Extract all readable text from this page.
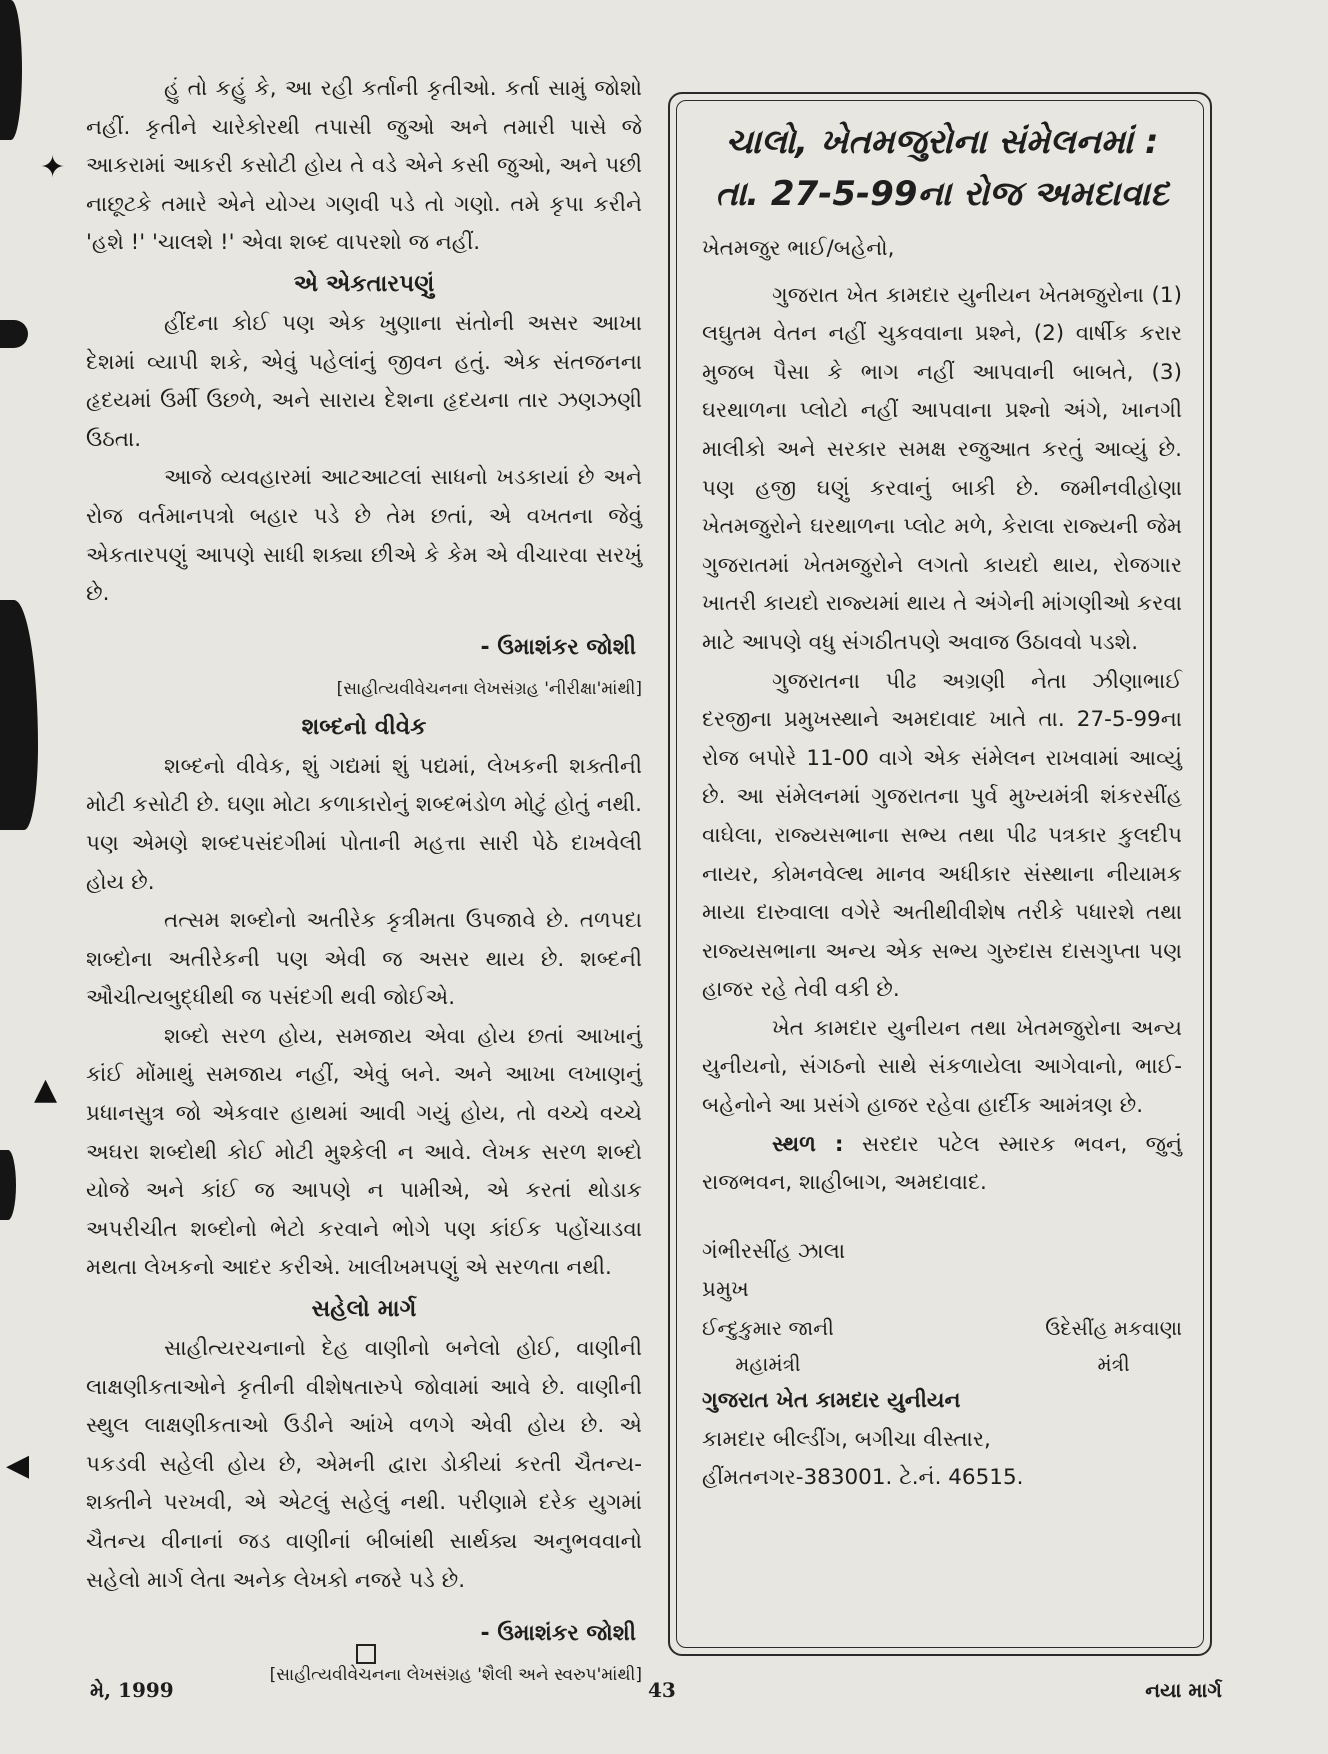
✦
▲
◀

હું તો કહું કે, આ રહી કર્તાની કૃતીઓ. કર્તા સામું જોશો નહીં. કૃતીને ચારેકોરથી તપાસી જુઓ અને તમારી પાસે જે આકરામાં આકરી કસોટી હોય તે વડે એને કસી જુઓ, અને પછી નાછૂટકે તમારે એને યોગ્ય ગણવી પડે તો ગણો. તમે કૃપા કરીને 'હશે !' 'ચાલશે !' એવા શબ્દ વાપરશો જ નહીં.

એ એકતારપણું

હીંદના કોઈ પણ એક ખુણાના સંતોની અસર આખા દેશમાં વ્યાપી શકે, એવું પહેલાંનું જીવન હતું. એક સંતજનના હૃદયમાં ઉર્મી ઉછળે, અને સારાય દેશના હૃદયના તાર ઝણઝણી ઉઠતા.

આજે વ્યવહારમાં આટઆટલાં સાધનો ખડકાયાં છે અને રોજ વર્તમાનપત્રો બહાર પડે છે તેમ છતાં, એ વખતના જેવું એકતારપણું આપણે સાધી શક્યા છીએ કે કેમ એ વીચારવા સરખું છે.

- ઉમાશંકર જોશી
[સાહીત્યવીવેચનના લેખસંગ્રહ 'નીરીક્ષા'માંથી]
શબ્દનો વીવેક

શબ્દનો વીવેક, શું ગદ્યમાં શું પદ્યમાં, લેખકની શક્તીની મોટી કસોટી છે. ઘણા મોટા કળાકારોનું શબ્દભંડોળ મોટું હોતું નથી. પણ એમણે શબ્દપસંદગીમાં પોતાની મહત્તા સારી પેઠે દાખવેલી હોય છે.

તત્સમ શબ્દોનો અતીરેક કૃત્રીમતા ઉપજાવે છે. તળપદા શબ્દોના અતીરેકની પણ એવી જ અસર થાય છે. શબ્દની ઔચીત્યબુદ્ધીથી જ પસંદગી થવી જોઈએ.

શબ્દો સરળ હોય, સમજાય એવા હોય છતાં આખાનું કાંઈ મોંમાથું સમજાય નહીં, એવું બને. અને આખા લખાણનું પ્રધાનસુત્ર જો એકવાર હાથમાં આવી ગયું હોય, તો વચ્ચે વચ્ચે અઘરા શબ્દોથી કોઈ મોટી મુશ્કેલી ન આવે. લેખક સરળ શબ્દો યોજે અને કાંઈ જ આપણે ન પામીએ, એ કરતાં થોડાક અપરીચીત શબ્દોનો ભેટો કરવાને ભોગે પણ કાંઈક પહોંચાડવા મથતા લેખકનો આદર કરીએ. ખાલીખમપણું એ સરળતા નથી.

સહેલો માર્ગ

સાહીત્યરચનાનો દેહ વાણીનો બનેલો હોઈ, વાણીની લાક્ષણીકતાઓને કૃતીની વીશેષતારુપે જોવામાં આવે છે. વાણીની સ્થુલ લાક્ષણીકતાઓ ઉડીને આંખે વળગે એવી હોય છે. એ પકડવી સહેલી હોય છે, એમની દ્વારા ડોકીયાં કરતી ચૈતન્ય-શક્તીને પરખવી, એ એટલું સહેલું નથી. પરીણામે દરેક યુગમાં ચૈતન્ય વીનાનાં જડ વાણીનાં બીબાંથી સાર્થક્ય અનુભવવાનો સહેલો માર્ગ લેતા અનેક લેખકો નજરે પડે છે.

- ઉમાશંકર જોશી
[સાહીત્યવીવેચનના લેખસંગ્રહ 'શૈલી અને સ્વરુપ'માંથી]
ચાલો, ખેતમજુરોના સંમેલનમાં :
તા. 27-5-99ના રોજ અમદાવાદ

ખેતમજુર ભાઈ/બહેનો,

ગુજરાત ખેત કામદાર યુનીયન ખેતમજુરોના (1) લઘુતમ વેતન નહીં ચુકવવાના પ્રશ્ને, (2) વાર્ષીક કરાર મુજબ પૈસા કે ભાગ નહીં આપવાની બાબતે, (3) ઘરથાળના પ્લોટો નહીં આપવાના પ્રશ્નો અંગે, ખાનગી માલીકો અને સરકાર સમક્ષ રજુઆત કરતું આવ્યું છે. પણ હજી ઘણું કરવાનું બાકી છે. જમીનવીહોણા ખેતમજુરોને ઘરથાળના પ્લોટ મળે, કેરાલા રાજ્યની જેમ ગુજરાતમાં ખેતમજુરોને લગતો કાયદો થાય, રોજગાર ખાતરી કાયદો રાજ્યમાં થાય તે અંગેની માંગણીઓ કરવા માટે આપણે વધુ સંગઠીતપણે અવાજ ઉઠાવવો પડશે.

ગુજરાતના પીઢ અગ્રણી નેતા ઝીણાભાઈ દરજીના પ્રમુખસ્થાને અમદાવાદ ખાતે તા. 27-5-99ના રોજ બપોરે 11-00 વાગે એક સંમેલન રાખવામાં આવ્યું છે. આ સંમેલનમાં ગુજરાતના પુર્વ મુખ્યમંત્રી શંકરસીંહ વાઘેલા, રાજ્યસભાના સભ્ય તથા પીઢ પત્રકાર કુલદીપ નાયર, કોમનવેલ્થ માનવ અધીકાર સંસ્થાના નીયામક માયા દારુવાલા વગેરે અતીથીવીશેષ તરીકે પધારશે તથા રાજ્યસભાના અન્ય એક સભ્ય ગુરુદાસ દાસગુપ્તા પણ હાજર રહે તેવી વકી છે.

ખેત કામદાર યુનીયન તથા ખેતમજુરોના અન્ય યુનીયનો, સંગઠનો સાથે સંકળાયેલા આગેવાનો, ભાઈ-બહેનોને આ પ્રસંગે હાજર રહેવા હાર્દીક આમંત્રણ છે.

સ્થળ : સરદાર પટેલ સ્મારક ભવન, જુનું રાજભવન, શાહીબાગ, અમદાવાદ.

ગંભીરસીંહ ઝાલા

પ્રમુખ

ઈન્દુકુમાર જાની
મહામંત્રી
ઉદેસીંહ મકવાણા
મંત્રી

ગુજરાત ખેત કામદાર યુનીયન

કામદાર બીલ્ડીંગ, બગીચા વીસ્તાર,

હીંમતનગર-383001. ટે.નં. 46515.

મે, 1999	43	નયા માર્ગ
